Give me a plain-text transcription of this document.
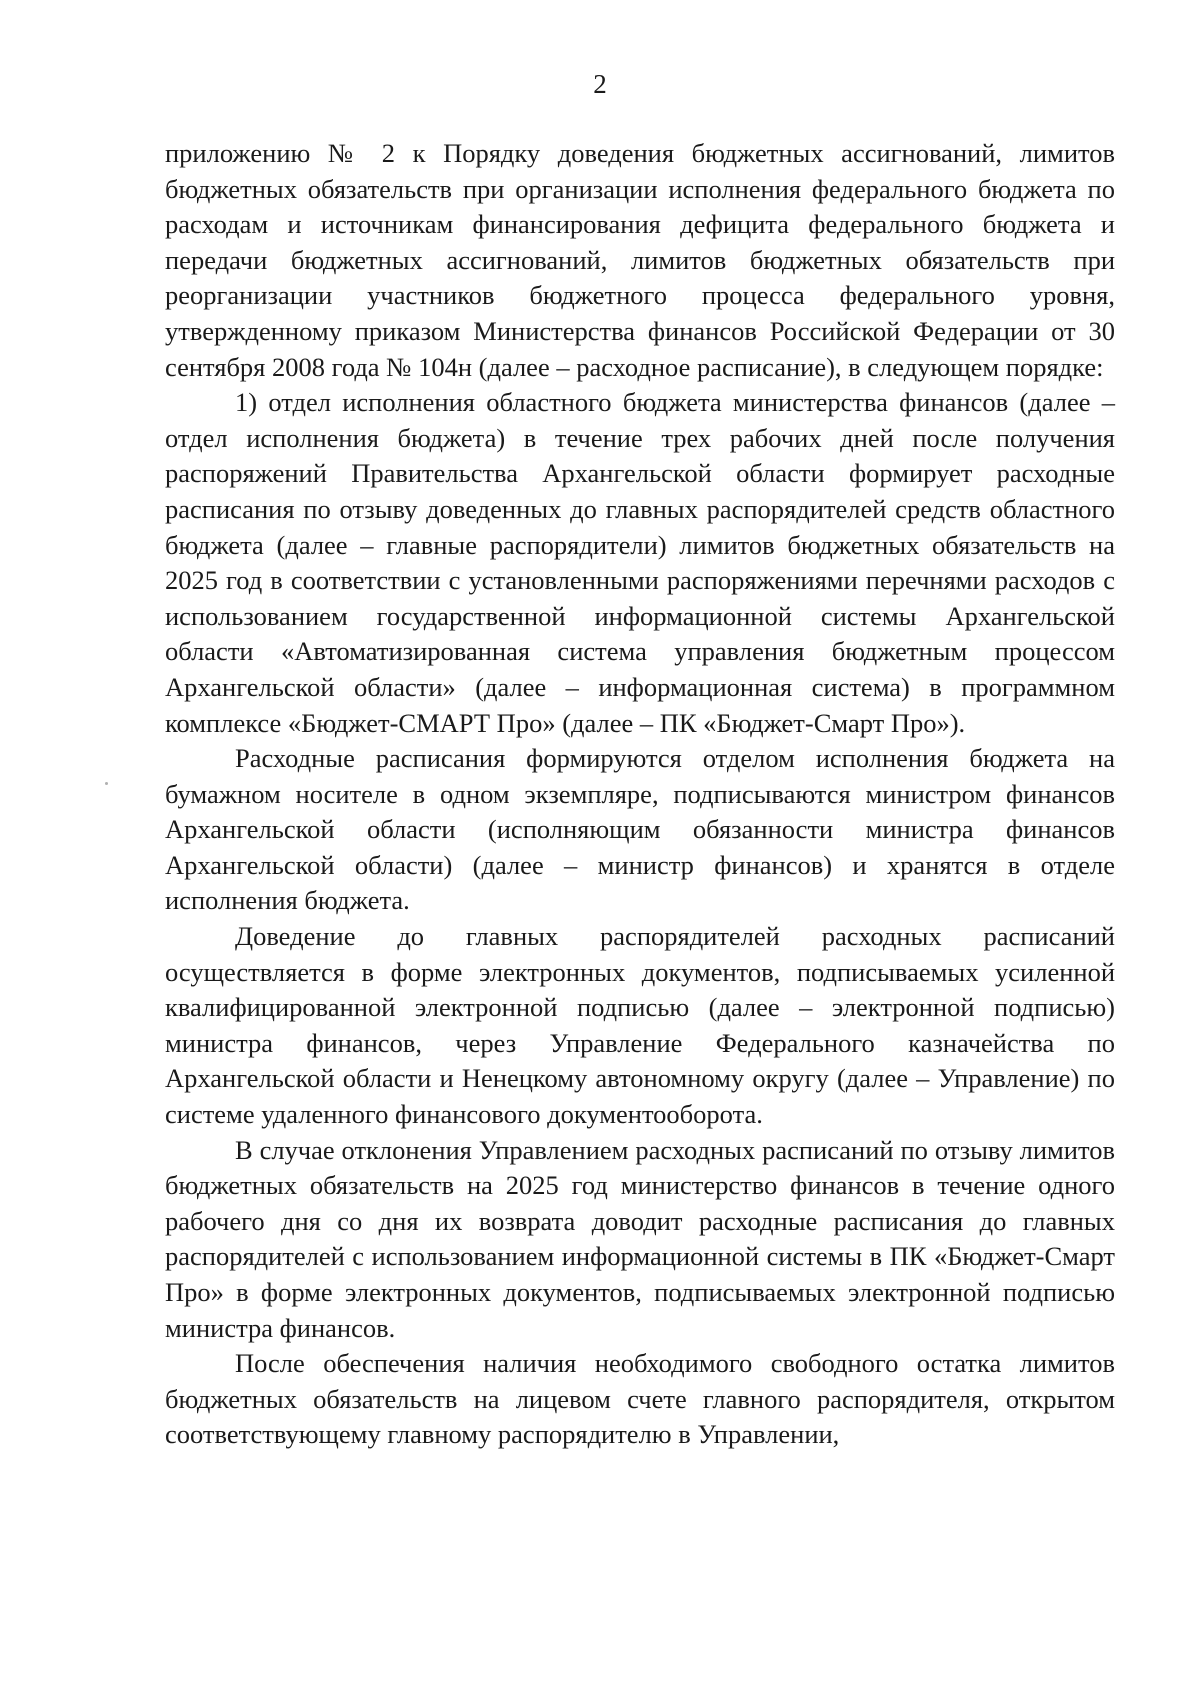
2

приложению № 2 к Порядку доведения бюджетных ассигнований, лимитов бюджетных обязательств при организации исполнения федерального бюджета по расходам и источникам финансирования дефицита федерального бюджета и передачи бюджетных ассигнований, лимитов бюджетных обязательств при реорганизации участников бюджетного процесса федерального уровня, утвержденному приказом Министерства финансов Российской Федерации от 30 сентября 2008 года № 104н (далее – расходное расписание), в следующем порядке:

1) отдел исполнения областного бюджета министерства финансов (далее – отдел исполнения бюджета) в течение трех рабочих дней после получения распоряжений Правительства Архангельской области формирует расходные расписания по отзыву доведенных до главных распорядителей средств областного бюджета (далее – главные распорядители) лимитов бюджетных обязательств на 2025 год в соответствии с установленными распоряжениями перечнями расходов с использованием государственной информационной системы Архангельской области «Автоматизированная система управления бюджетным процессом Архангельской области» (далее – информационная система) в программном комплексе «Бюджет-СМАРТ Про» (далее – ПК «Бюджет-Смарт Про»).

Расходные расписания формируются отделом исполнения бюджета на бумажном носителе в одном экземпляре, подписываются министром финансов Архангельской области (исполняющим обязанности министра финансов Архангельской области) (далее – министр финансов) и хранятся в отделе исполнения бюджета.

Доведение до главных распорядителей расходных расписаний осуществляется в форме электронных документов, подписываемых усиленной квалифицированной электронной подписью (далее – электронной подписью) министра финансов, через Управление Федерального казначейства по Архангельской области и Ненецкому автономному округу (далее – Управление) по системе удаленного финансового документооборота.

В случае отклонения Управлением расходных расписаний по отзыву лимитов бюджетных обязательств на 2025 год министерство финансов в течение одного рабочего дня со дня их возврата доводит расходные расписания до главных распорядителей с использованием информационной системы в ПК «Бюджет-Смарт Про» в форме электронных документов, подписываемых электронной подписью министра финансов.

После обеспечения наличия необходимого свободного остатка лимитов бюджетных обязательств на лицевом счете главного распорядителя, открытом соответствующему главному распорядителю в Управлении,
